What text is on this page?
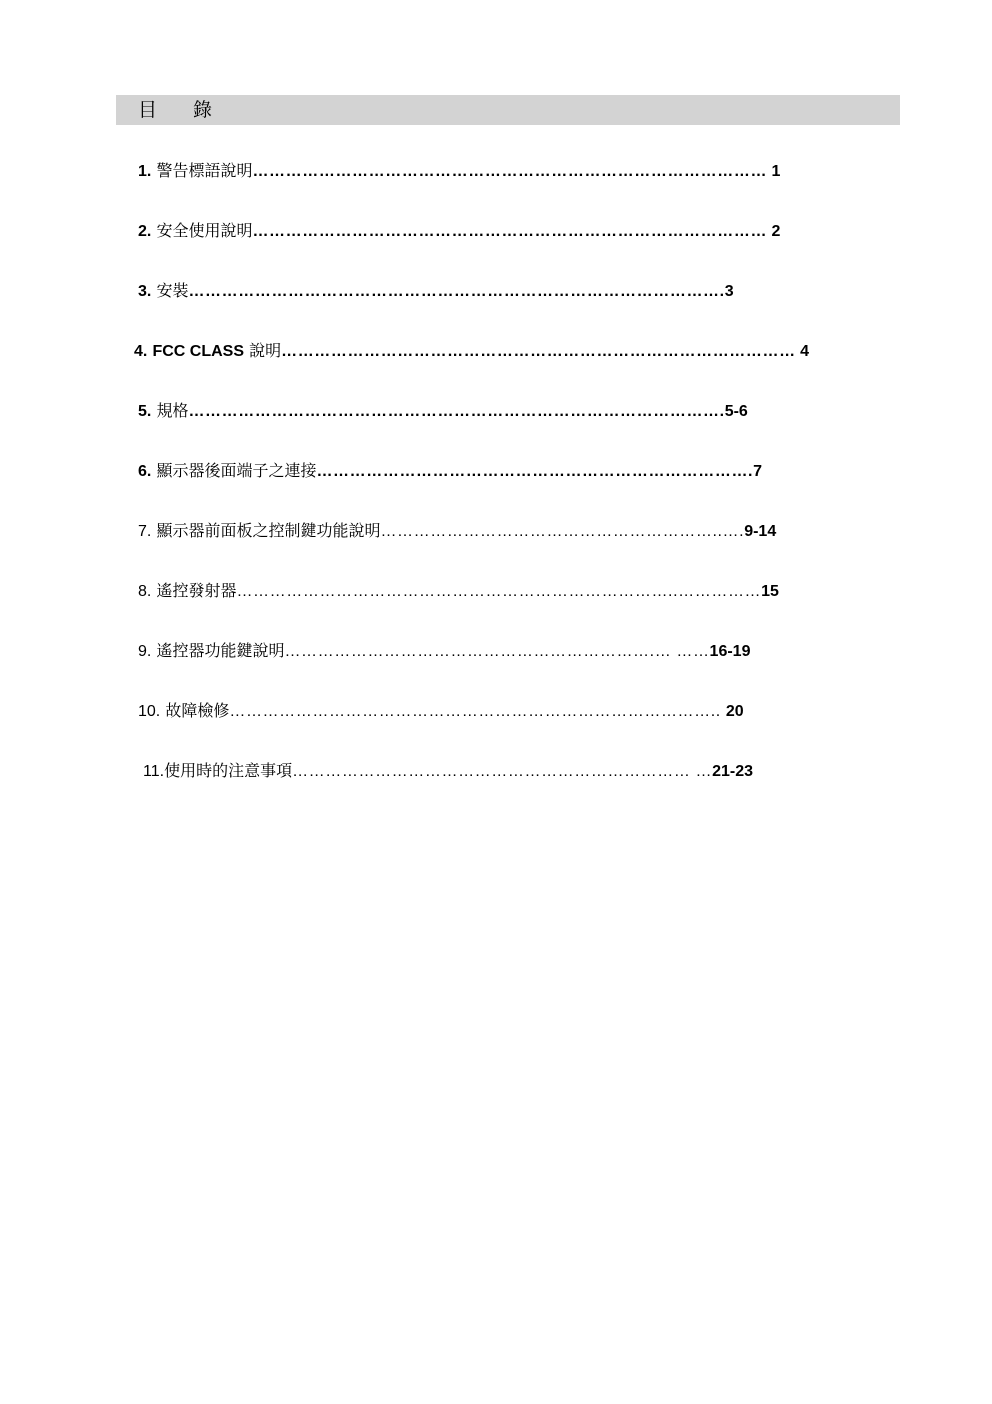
目 錄
1. 警告標語說明………………………………………………………………………………… 1
2. 安全使用說明………………………………………………………………………………… 2
3. 安裝…………………………………………………………………………………….3
4. FCC CLASS 說明………………………………………………………………………………… 4
5. 規格…………………………………………………………………………………….5-6
6. 顯示器後面端子之連接…………………………………………………………………….7
7. 顯示器前面板之控制鍵功能說明……………………………………………………..….9-14
8. 遙控發射器……………………………………………………………………..……………15
9. 遙控器功能鍵說明………………………………………………………….… ……16-19
10. 故障檢修…………………………………………………………………………….. 20
11.使用時的注意事項……………………………………………………………… …21-23
